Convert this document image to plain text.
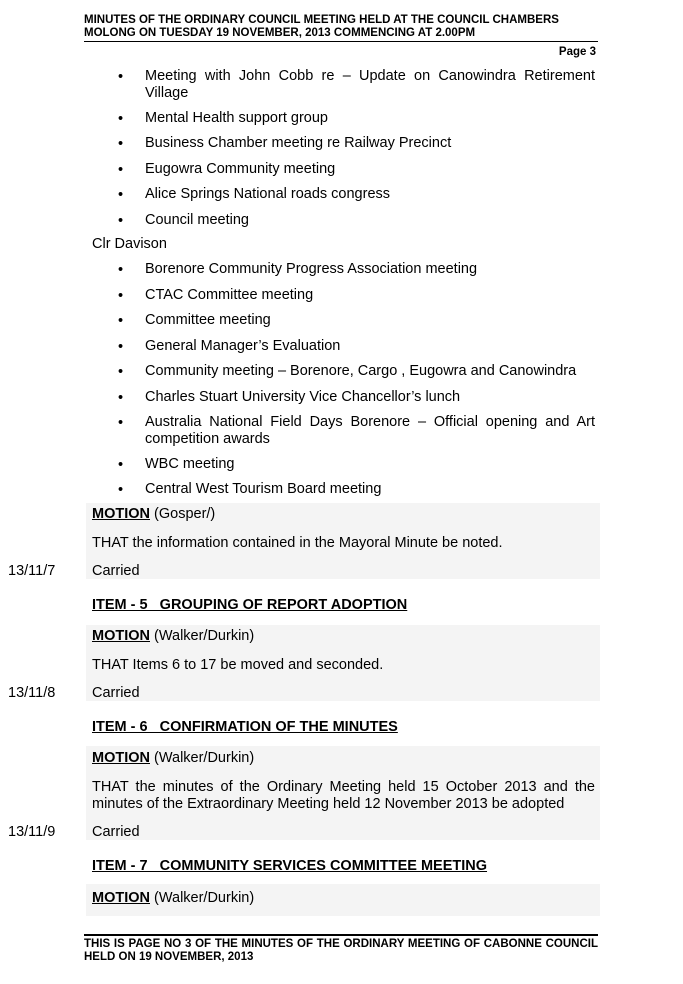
MINUTES OF THE ORDINARY COUNCIL MEETING HELD AT THE COUNCIL CHAMBERS
MOLONG ON TUESDAY 19 NOVEMBER, 2013 COMMENCING AT 2.00PM
Page 3
• Meeting with John Cobb re – Update on Canowindra Retirement Village
• Mental Health support group
• Business Chamber meeting re Railway Precinct
• Eugowra Community meeting
• Alice Springs National roads congress
• Council meeting
Clr Davison
• Borenore Community Progress Association meeting
• CTAC Committee meeting
• Committee meeting
• General Manager’s Evaluation
• Community meeting – Borenore, Cargo , Eugowra and Canowindra
• Charles Stuart University Vice Chancellor’s lunch
• Australia National Field Days Borenore – Official opening and Art competition awards
• WBC meeting
• Central West Tourism Board meeting
MOTION (Gosper/)
THAT the information contained in the Mayoral Minute be noted.
13/11/7	Carried
ITEM - 5   GROUPING OF REPORT ADOPTION
MOTION (Walker/Durkin)
THAT Items 6 to 17 be moved and seconded.
13/11/8	Carried
ITEM - 6   CONFIRMATION OF THE MINUTES
MOTION (Walker/Durkin)
THAT the minutes of the Ordinary Meeting held 15 October 2013 and the minutes of the Extraordinary Meeting held 12 November 2013 be adopted
13/11/9	Carried
ITEM - 7   COMMUNITY SERVICES COMMITTEE MEETING
MOTION (Walker/Durkin)
THIS IS PAGE NO 3 OF THE MINUTES OF THE ORDINARY MEETING OF CABONNE COUNCIL HELD ON 19 NOVEMBER, 2013
